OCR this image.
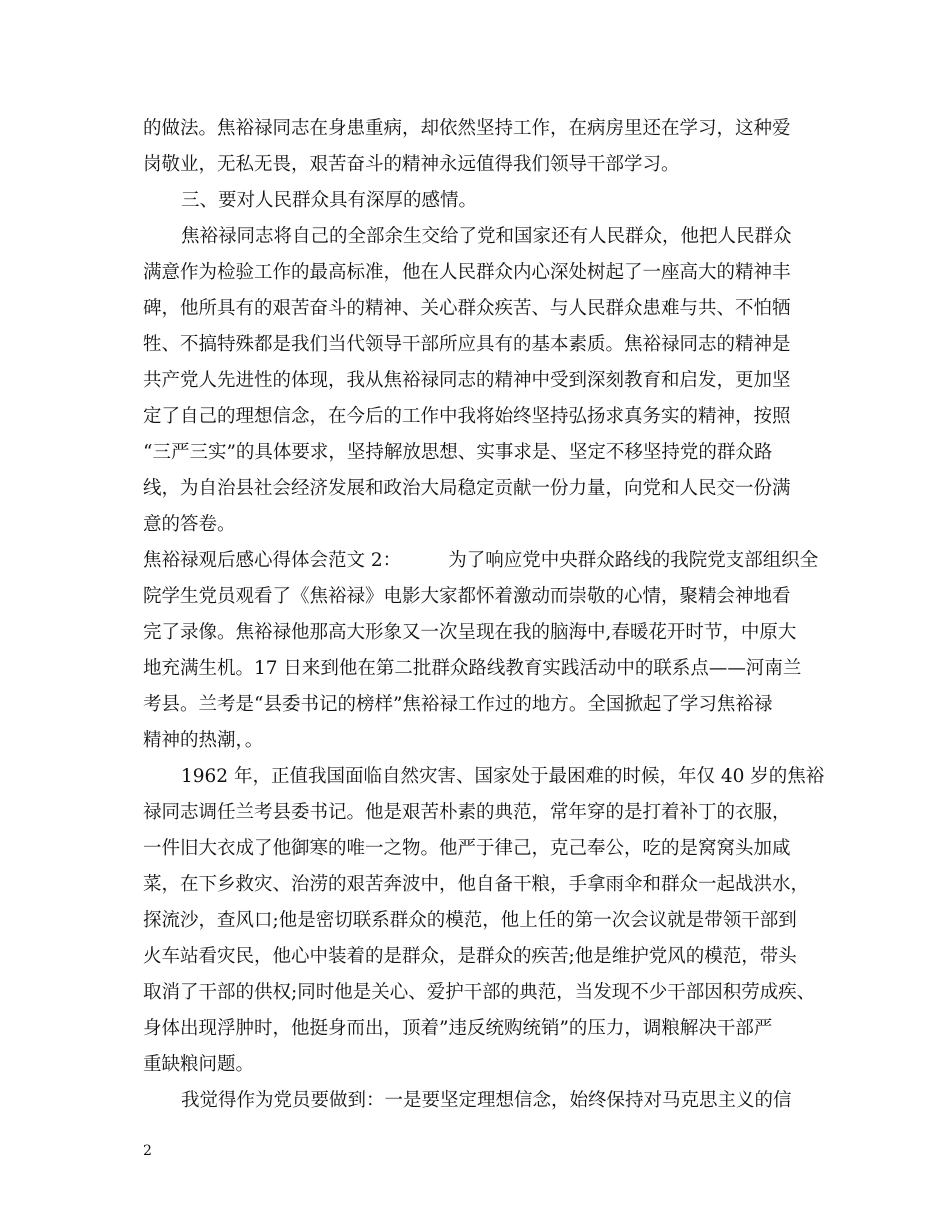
的做法。焦裕禄同志在身患重病，却依然坚持工作，在病房里还在学习，这种爱
岗敬业，无私无畏，艰苦奋斗的精神永远值得我们领导干部学习。
三、要对人民群众具有深厚的感情。
焦裕禄同志将自己的全部余生交给了党和国家还有人民群众，他把人民群众
满意作为检验工作的最高标准，他在人民群众内心深处树起了一座高大的精神丰
碑，他所具有的艰苦奋斗的精神、关心群众疾苦、与人民群众患难与共、不怕牺
牲、不搞特殊都是我们当代领导干部所应具有的基本素质。焦裕禄同志的精神是
共产党人先进性的体现，我从焦裕禄同志的精神中受到深刻教育和启发，更加坚
定了自己的理想信念，在今后的工作中我将始终坚持弘扬求真务实的精神，按照
“三严三实”的具体要求，坚持解放思想、实事求是、坚定不移坚持党的群众路
线，为自治县社会经济发展和政治大局稳定贡献一份力量，向党和人民交一份满
意的答卷。
焦裕禄观后感心得体会范文 2：        为了响应党中央群众路线的我院党支部组织全
院学生党员观看了《焦裕禄》电影大家都怀着激动而崇敬的心情，聚精会神地看
完了录像。焦裕禄他那高大形象又一次呈现在我的脑海中,春暖花开时节，中原大
地充满生机。17 日来到他在第二批群众路线教育实践活动中的联系点——河南兰
考县。兰考是“县委书记的榜样”焦裕禄工作过的地方。全国掀起了学习焦裕禄
精神的热潮，。
1962 年，正值我国面临自然灾害、国家处于最困难的时候，年仅 40 岁的焦裕
禄同志调任兰考县委书记。他是艰苦朴素的典范，常年穿的是打着补丁的衣服，
一件旧大衣成了他御寒的唯一之物。他严于律己，克己奉公，吃的是窝窝头加咸
菜，在下乡救灾、治涝的艰苦奔波中，他自备干粮，手拿雨伞和群众一起战洪水，
探流沙，查风口;他是密切联系群众的模范，他上任的第一次会议就是带领干部到
火车站看灾民，他心中装着的是群众，是群众的疾苦;他是维护党风的模范，带头
取消了干部的供权;同时他是关心、爱护干部的典范，当发现不少干部因积劳成疾、
身体出现浮肿时，他挺身而出，顶着”违反统购统销”的压力，调粮解决干部严
重缺粮问题。
我觉得作为党员要做到：一是要坚定理想信念，始终保持对马克思主义的信
2
